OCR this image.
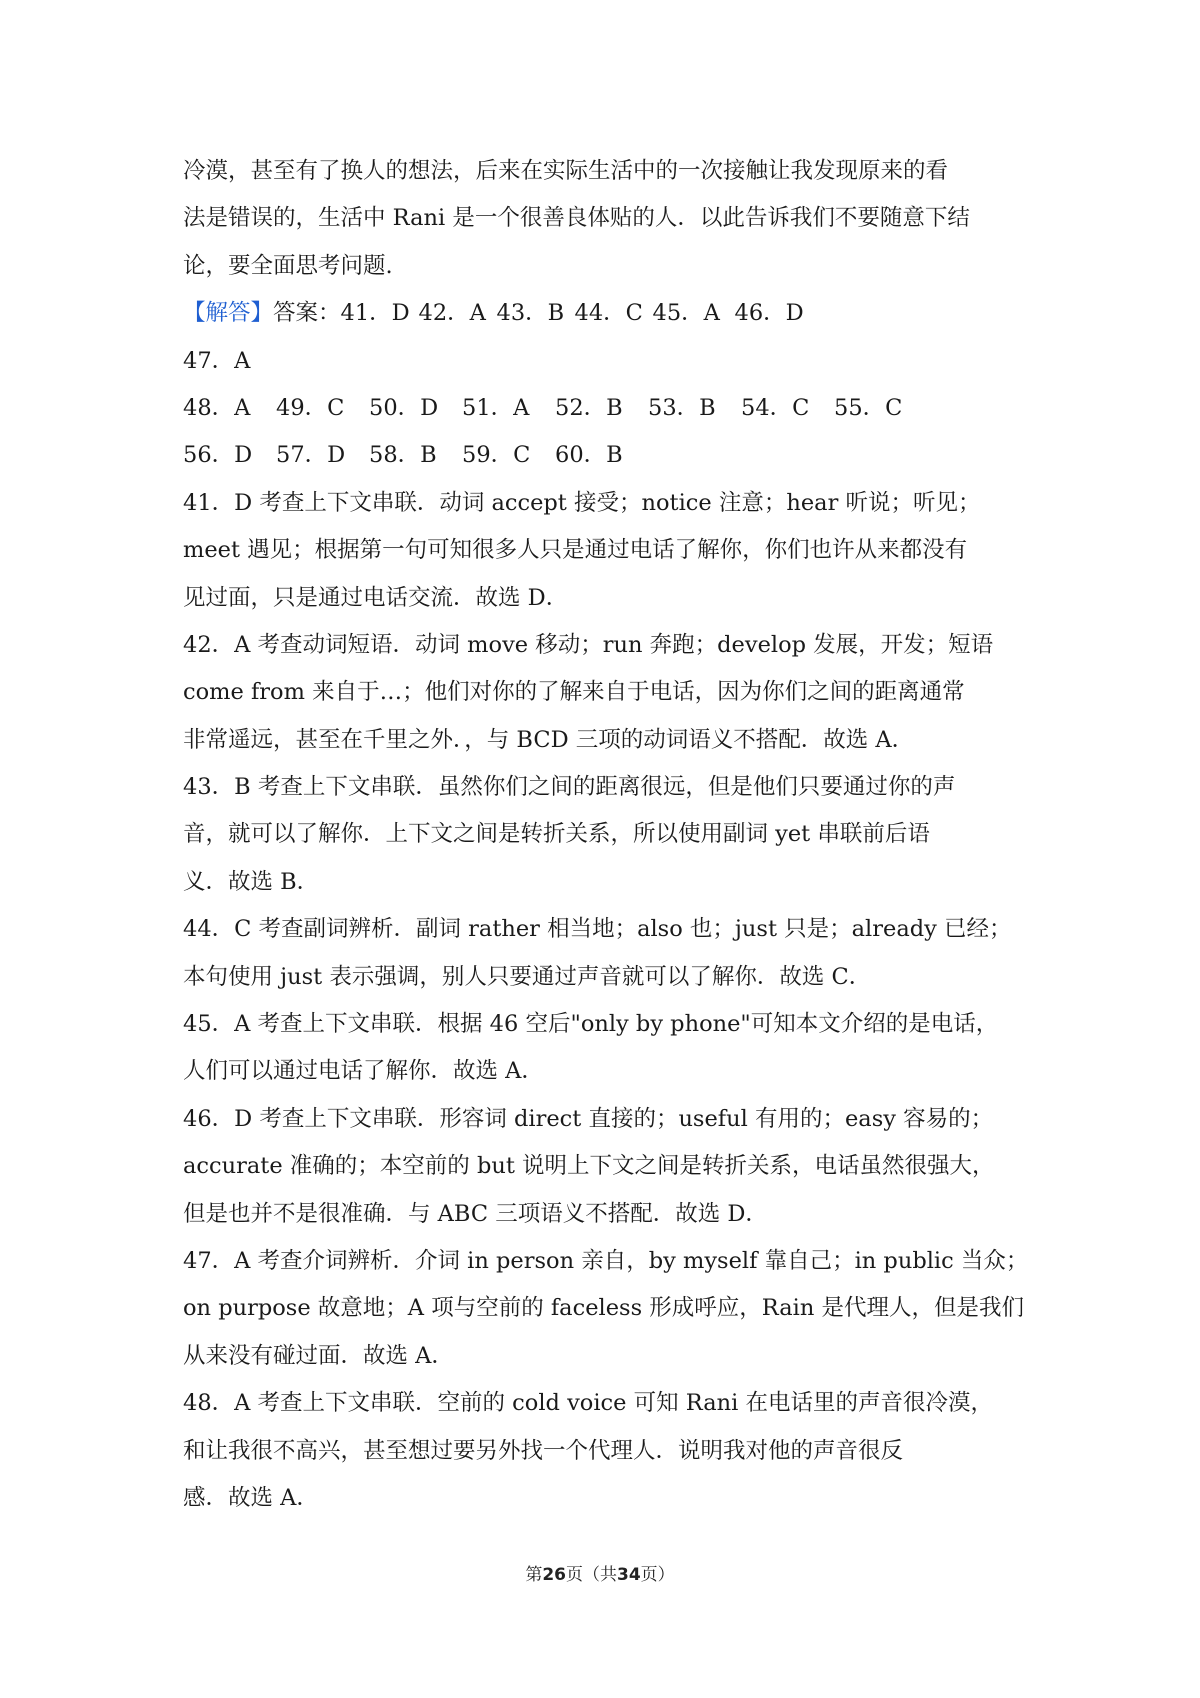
冷漠，甚至有了换人的想法，后来在实际生活中的一次接触让我发现原来的看
法是错误的，生活中 Rani 是一个很善良体贴的人．以此告诉我们不要随意下结
论，要全面思考问题.
【解答】答案：41．D 42．A 43．B 44．C 45．A 46．D
47．A
48．A 49．C 50．D 51．A 52．B 53．B 54．C 55．C
56．D 57．D 58．B 59．C 60．B
41．D 考查上下文串联．动词 accept 接受；notice 注意；hear 听说；听见；
meet 遇见；根据第一句可知很多人只是通过电话了解你，你们也许从来都没有
见过面，只是通过电话交流．故选 D．
42．A 考查动词短语．动词 move 移动；run 奔跑；develop 发展，开发；短语
come from 来自于…；他们对你的了解来自于电话，因为你们之间的距离通常
非常遥远，甚至在千里之外．，与 BCD 三项的动词语义不搭配．故选 A．
43．B 考查上下文串联．虽然你们之间的距离很远，但是他们只要通过你的声
音，就可以了解你．上下文之间是转折关系，所以使用副词 yet 串联前后语
义．故选 B．
44．C 考查副词辨析．副词 rather 相当地；also 也；just 只是；already 已经；
本句使用 just 表示强调，别人只要通过声音就可以了解你．故选 C．
45．A 考查上下文串联．根据 46 空后"only by phone"可知本文介绍的是电话，
人们可以通过电话了解你．故选 A．
46．D 考查上下文串联．形容词 direct 直接的；useful 有用的；easy 容易的；
accurate 准确的；本空前的 but 说明上下文之间是转折关系，电话虽然很强大，
但是也并不是很准确．与 ABC 三项语义不搭配．故选 D．
47．A 考查介词辨析．介词 in person 亲自，by myself 靠自己；in public 当众；
on purpose 故意地；A 项与空前的 faceless 形成呼应，Rain 是代理人，但是我们
从来没有碰过面．故选 A．
48．A 考查上下文串联．空前的 cold voice 可知 Rani 在电话里的声音很冷漠，
和让我很不高兴，甚至想过要另外找一个代理人．说明我对他的声音很反
感．故选 A．
第26页（共34页）
